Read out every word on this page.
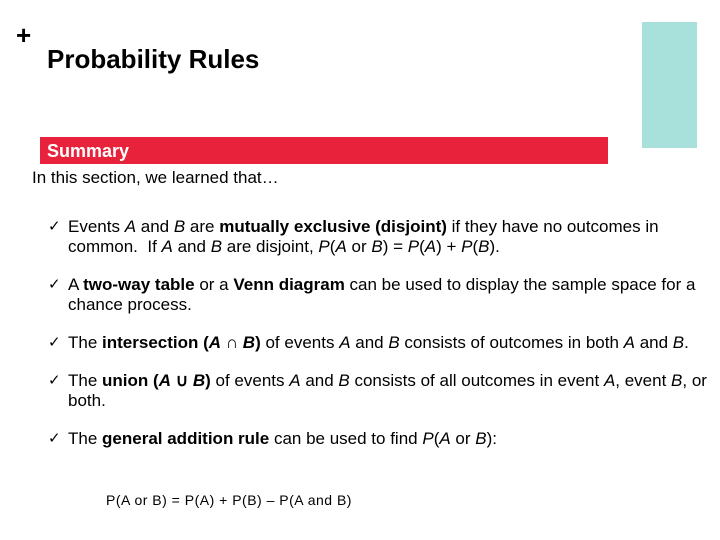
+
Probability Rules
Summary
In this section, we learned that…
✓ Events A and B are mutually exclusive (disjoint) if they have no outcomes in common.  If A and B are disjoint, P(A or B) = P(A) + P(B).
✓ A two-way table or a Venn diagram can be used to display the sample space for a chance process.
✓ The intersection (A ∩ B) of events A and B consists of outcomes in both A and B.
✓ The union (A ∪ B) of events A and B consists of all outcomes in event A, event B, or both.
✓ The general addition rule can be used to find P(A or B):
P(A or B) = P(A) + P(B) – P(A and B)
